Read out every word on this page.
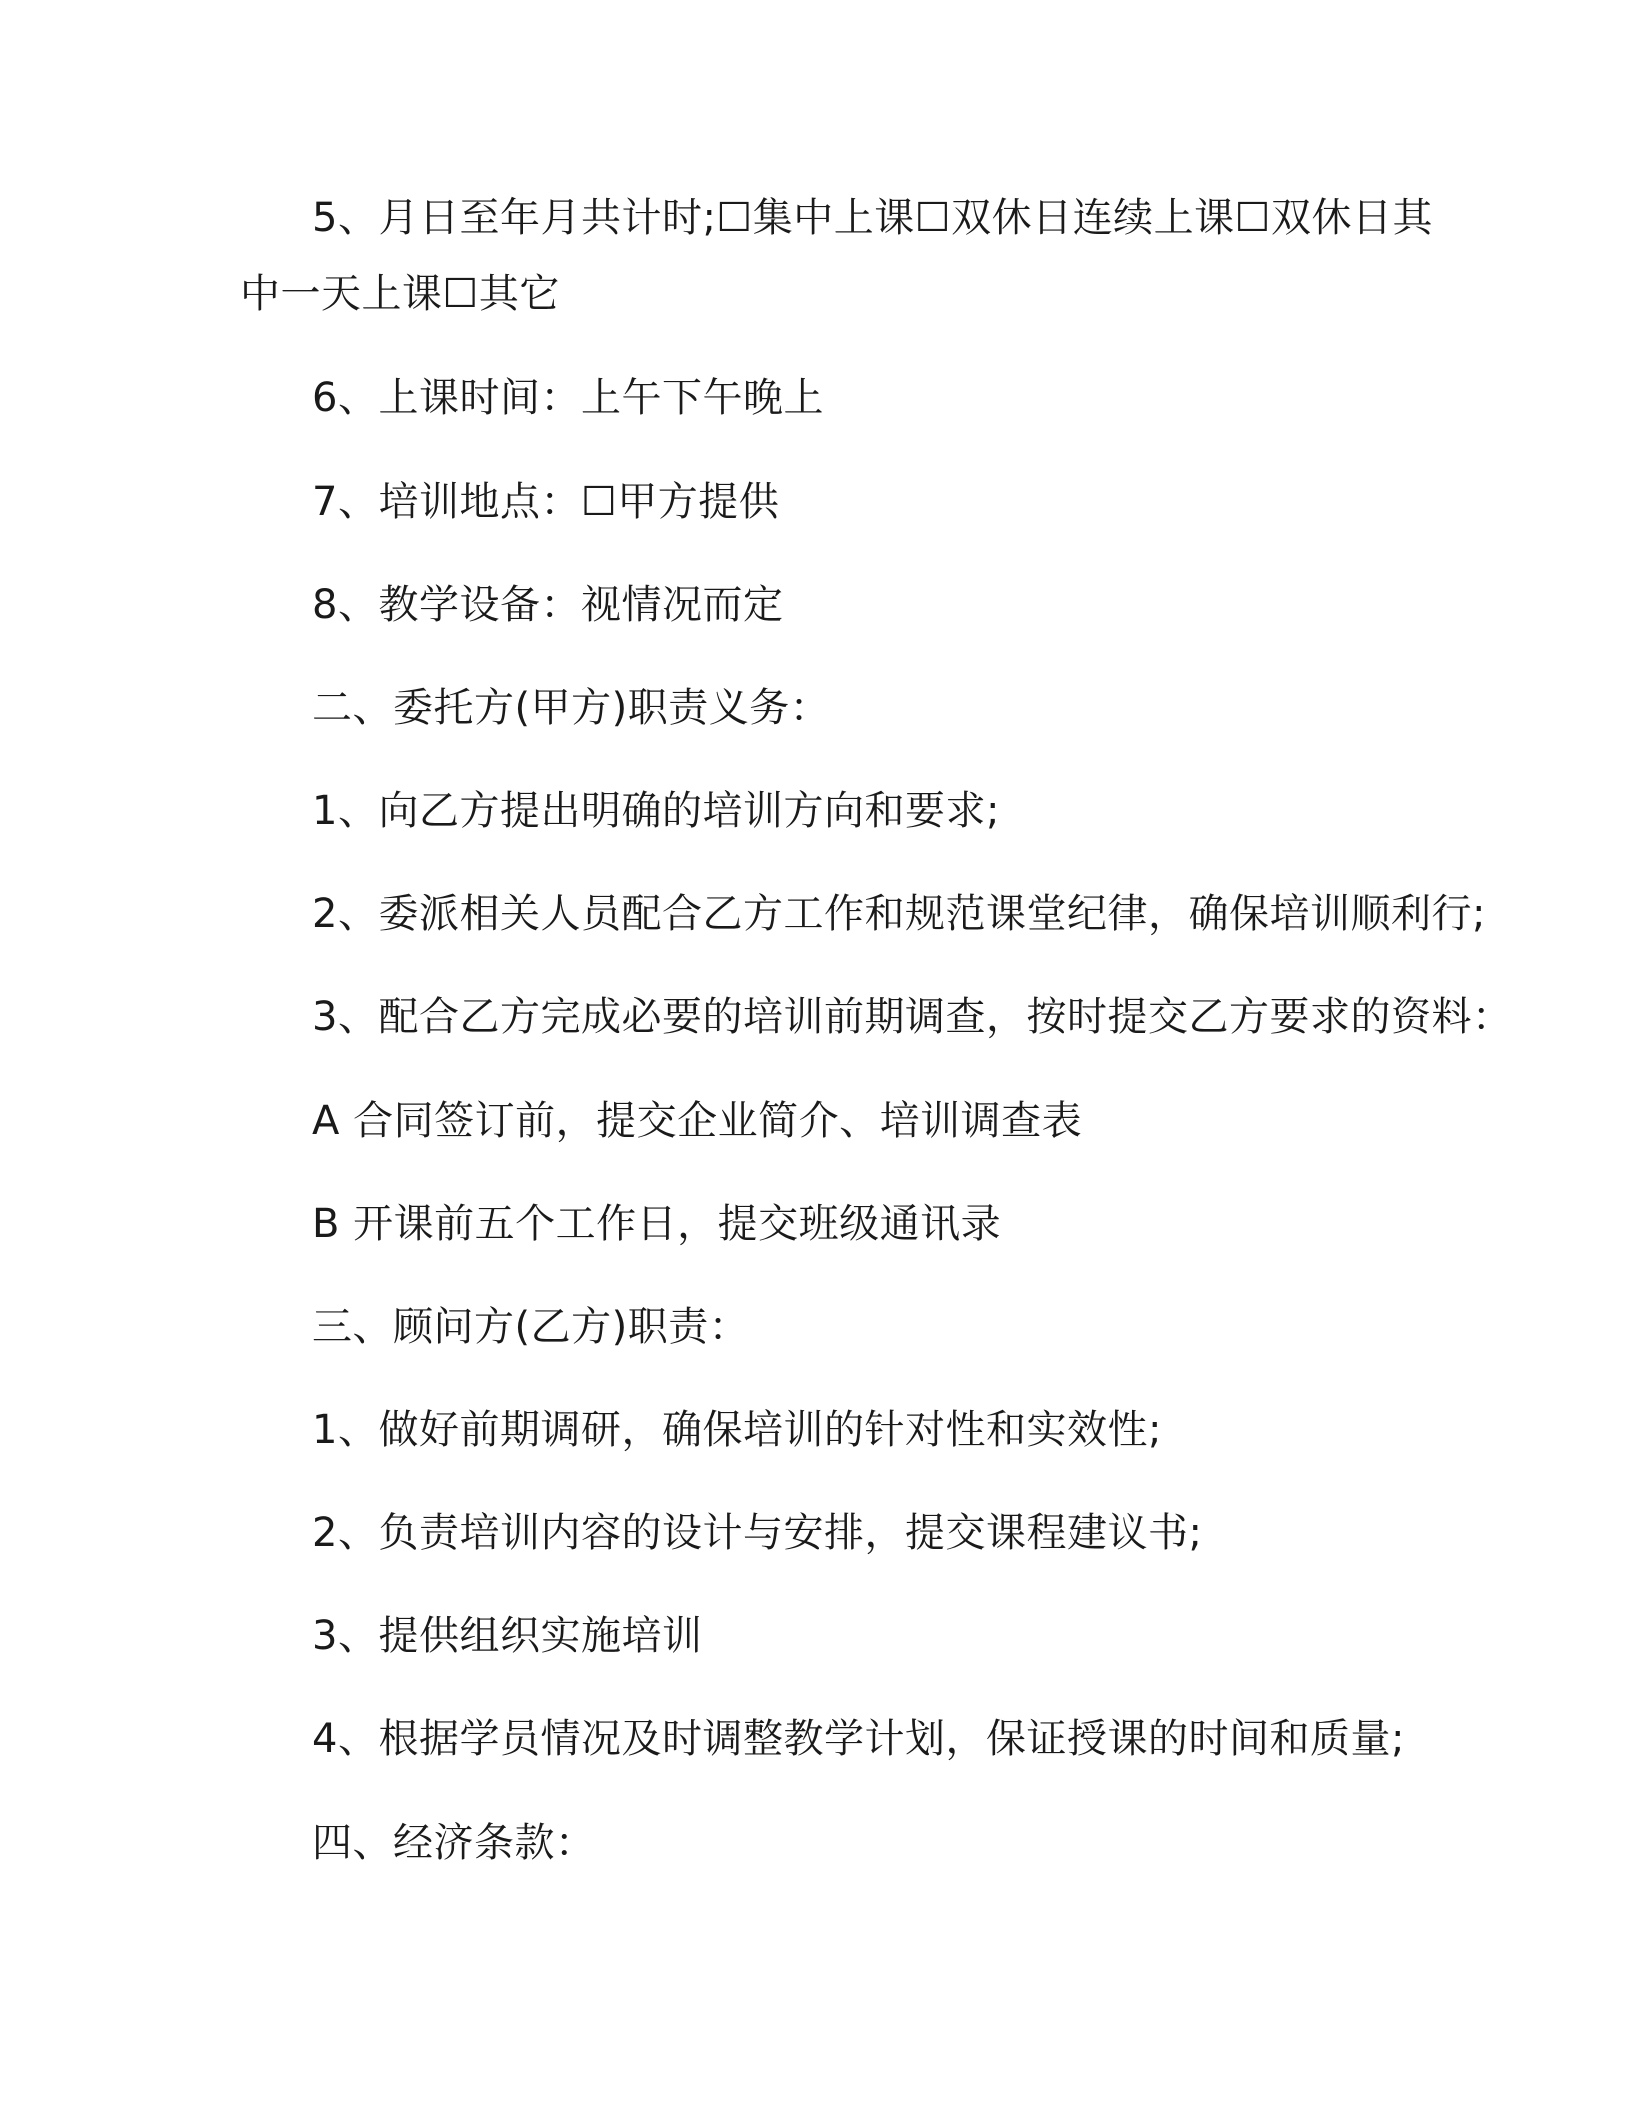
5、月日至年月共计时;☐集中上课☐双休日连续上课☐双休日其
中一天上课☐其它
6、上课时间：上午下午晚上
7、培训地点：☐甲方提供
8、教学设备：视情况而定
二、委托方(甲方)职责义务：
1、向乙方提出明确的培训方向和要求;
2、委派相关人员配合乙方工作和规范课堂纪律，确保培训顺利行;
3、配合乙方完成必要的培训前期调查，按时提交乙方要求的资料：
A 合同签订前，提交企业简介、培训调查表
B 开课前五个工作日，提交班级通讯录
三、顾问方(乙方)职责：
1、做好前期调研，确保培训的针对性和实效性;
2、负责培训内容的设计与安排，提交课程建议书;
3、提供组织实施培训
4、根据学员情况及时调整教学计划，保证授课的时间和质量;
四、经济条款：
